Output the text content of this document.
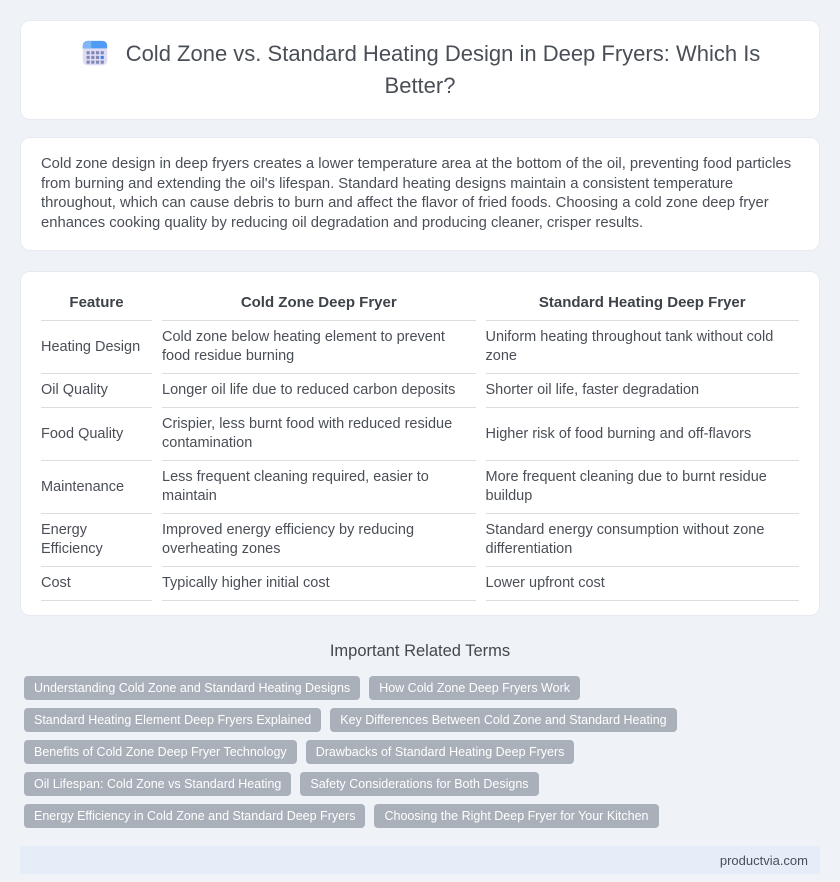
Cold Zone vs. Standard Heating Design in Deep Fryers: Which Is Better?

Cold zone design in deep fryers creates a lower temperature area at the bottom of the oil, preventing food particles from burning and extending the oil's lifespan. Standard heating designs maintain a consistent temperature throughout, which can cause debris to burn and affect the flavor of fried foods. Choosing a cold zone deep fryer enhances cooking quality by reducing oil degradation and producing cleaner, crisper results.

Feature	Cold Zone Deep Fryer	Standard Heating Deep Fryer
Heating Design	Cold zone below heating element to prevent food residue burning	Uniform heating throughout tank without cold zone
Oil Quality	Longer oil life due to reduced carbon deposits	Shorter oil life, faster degradation
Food Quality	Crispier, less burnt food with reduced residue contamination	Higher risk of food burning and off-flavors
Maintenance	Less frequent cleaning required, easier to maintain	More frequent cleaning due to burnt residue buildup
Energy Efficiency	Improved energy efficiency by reducing overheating zones	Standard energy consumption without zone differentiation
Cost	Typically higher initial cost	Lower upfront cost
Important Related Terms
Understanding Cold Zone and Standard Heating Designs	How Cold Zone Deep Fryers Work
Standard Heating Element Deep Fryers Explained	Key Differences Between Cold Zone and Standard Heating
Benefits of Cold Zone Deep Fryer Technology	Drawbacks of Standard Heating Deep Fryers
Oil Lifespan: Cold Zone vs Standard Heating	Safety Considerations for Both Designs
Energy Efficiency in Cold Zone and Standard Deep Fryers	Choosing the Right Deep Fryer for Your Kitchen
productvia.com
